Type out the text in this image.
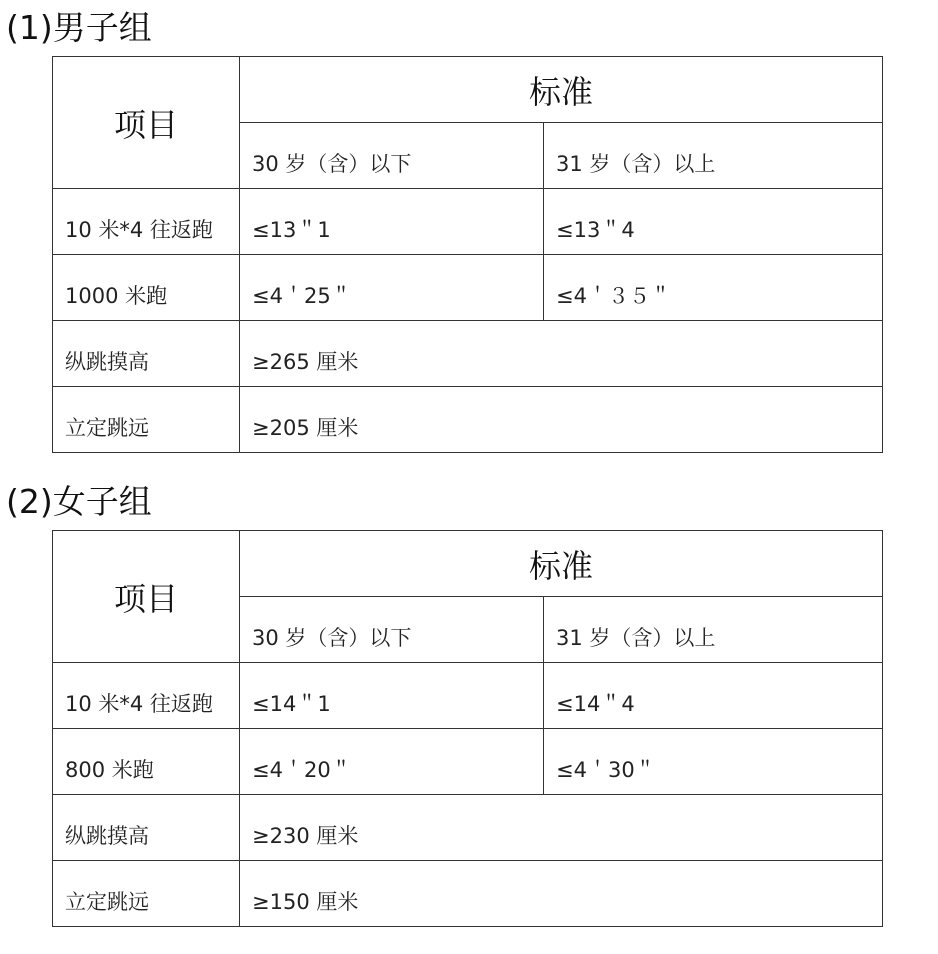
(1)男子组
项目	标准	
	30 岁（含）以下	31 岁（含）以上
10 米*4 往返跑	≤13＂1	≤13＂4
1000 米跑	≤4＇25＂	≤4＇３５＂
纵跳摸高	≥265 厘米	
立定跳远	≥205 厘米	
(2)女子组
项目	标准	
	30 岁（含）以下	31 岁（含）以上
10 米*4 往返跑	≤14＂1	≤14＂4
800 米跑	≤4＇20＂	≤4＇30＂
纵跳摸高	≥230 厘米	
立定跳远	≥150 厘米	
